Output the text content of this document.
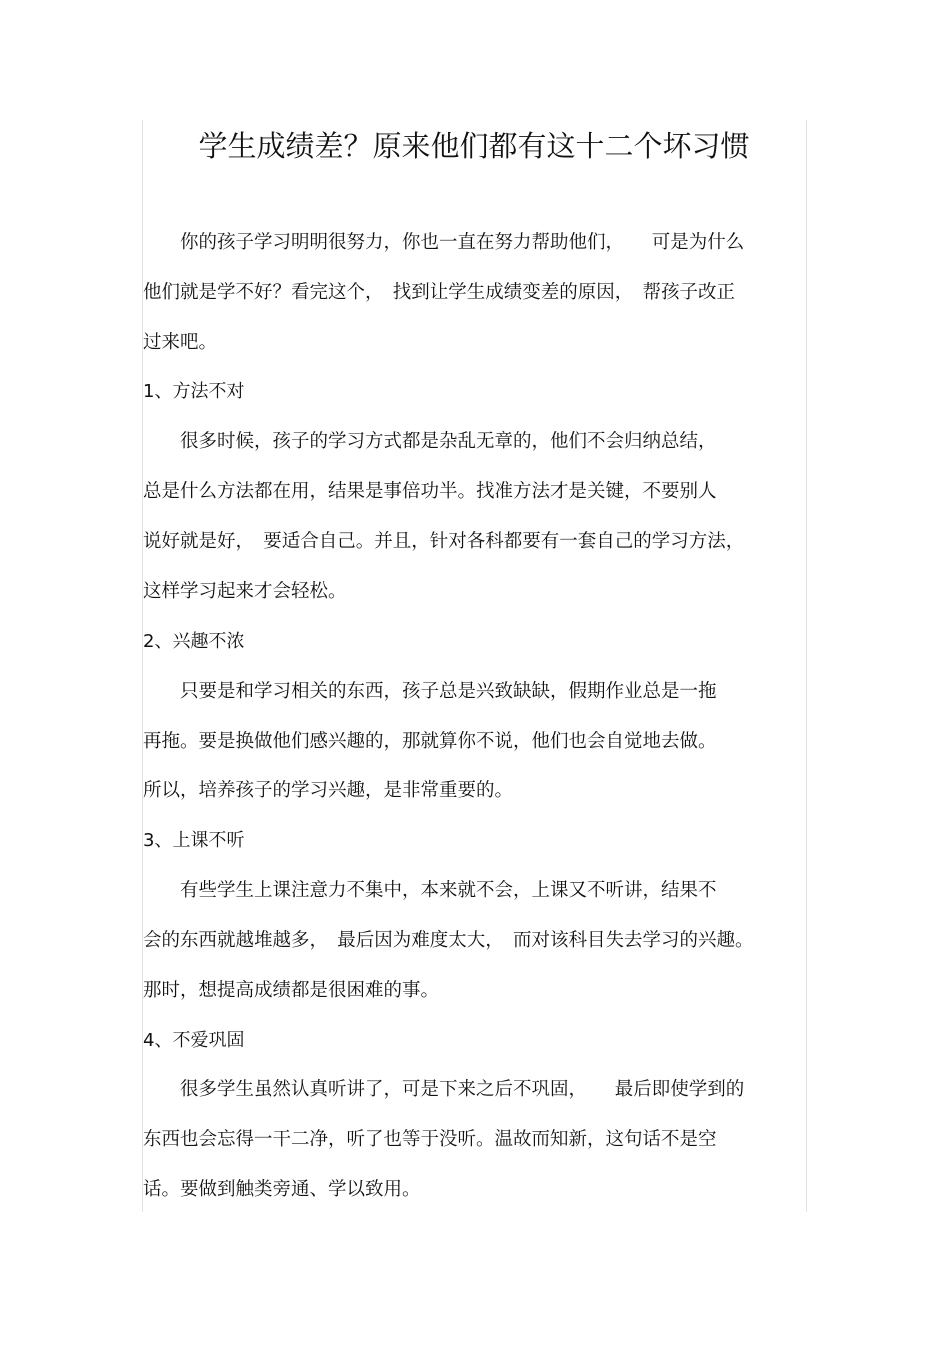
学生成绩差？原来他们都有这十二个坏习惯
　　你的孩子学习明明很努力，你也一直在努力帮助他们，　　可是为什么
他们就是学不好？看完这个，　找到让学生成绩变差的原因，　帮孩子改正
过来吧。
1、方法不对
　　很多时候，孩子的学习方式都是杂乱无章的，他们不会归纳总结，
总是什么方法都在用，结果是事倍功半。找准方法才是关键，不要别人
说好就是好，　要适合自己。并且，针对各科都要有一套自己的学习方法，
这样学习起来才会轻松。
2、兴趣不浓
　　只要是和学习相关的东西，孩子总是兴致缺缺，假期作业总是一拖
再拖。要是换做他们感兴趣的，那就算你不说，他们也会自觉地去做。
所以，培养孩子的学习兴趣，是非常重要的。
3、上课不听
　　有些学生上课注意力不集中，本来就不会，上课又不听讲，结果不
会的东西就越堆越多，　最后因为难度太大，　而对该科目失去学习的兴趣。
那时，想提高成绩都是很困难的事。
4、不爱巩固
　　很多学生虽然认真听讲了，可是下来之后不巩固，　　最后即使学到的
东西也会忘得一干二净，听了也等于没听。温故而知新，这句话不是空
话。要做到触类旁通、学以致用。
